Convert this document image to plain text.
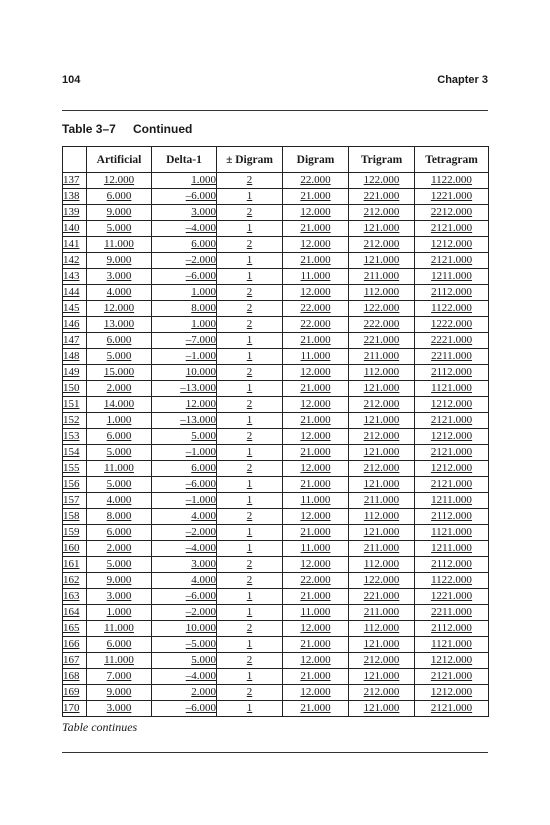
104	Chapter 3
Table 3–7 Continued
	Artificial	Delta-1	± Digram	Digram	Trigram	Tetragram
137	12.000	1.000	2	22.000	122.000	1122.000
138	6.000	–6.000	1	21.000	221.000	1221.000
139	9.000	3.000	2	12.000	212.000	2212.000
140	5.000	–4.000	1	21.000	121.000	2121.000
141	11.000	6.000	2	12.000	212.000	1212.000
142	9.000	–2.000	1	21.000	121.000	2121.000
143	3.000	–6.000	1	11.000	211.000	1211.000
144	4.000	1.000	2	12.000	112.000	2112.000
145	12.000	8.000	2	22.000	122.000	1122.000
146	13.000	1.000	2	22.000	222.000	1222.000
147	6.000	–7.000	1	21.000	221.000	2221.000
148	5.000	–1.000	1	11.000	211.000	2211.000
149	15.000	10.000	2	12.000	112.000	2112.000
150	2.000	–13.000	1	21.000	121.000	1121.000
151	14.000	12.000	2	12.000	212.000	1212.000
152	1.000	–13.000	1	21.000	121.000	2121.000
153	6.000	5.000	2	12.000	212.000	1212.000
154	5.000	–1.000	1	21.000	121.000	2121.000
155	11.000	6.000	2	12.000	212.000	1212.000
156	5.000	–6.000	1	21.000	121.000	2121.000
157	4.000	–1.000	1	11.000	211.000	1211.000
158	8.000	4.000	2	12.000	112.000	2112.000
159	6.000	–2.000	1	21.000	121.000	1121.000
160	2.000	–4.000	1	11.000	211.000	1211.000
161	5.000	3.000	2	12.000	112.000	2112.000
162	9.000	4.000	2	22.000	122.000	1122.000
163	3.000	–6.000	1	21.000	221.000	1221.000
164	1.000	–2.000	1	11.000	211.000	2211.000
165	11.000	10.000	2	12.000	112.000	2112.000
166	6.000	–5.000	1	21.000	121.000	1121.000
167	11.000	5.000	2	12.000	212.000	1212.000
168	7.000	–4.000	1	21.000	121.000	2121.000
169	9.000	2.000	2	12.000	212.000	1212.000
170	3.000	–6.000	1	21.000	121.000	2121.000
Table continues
